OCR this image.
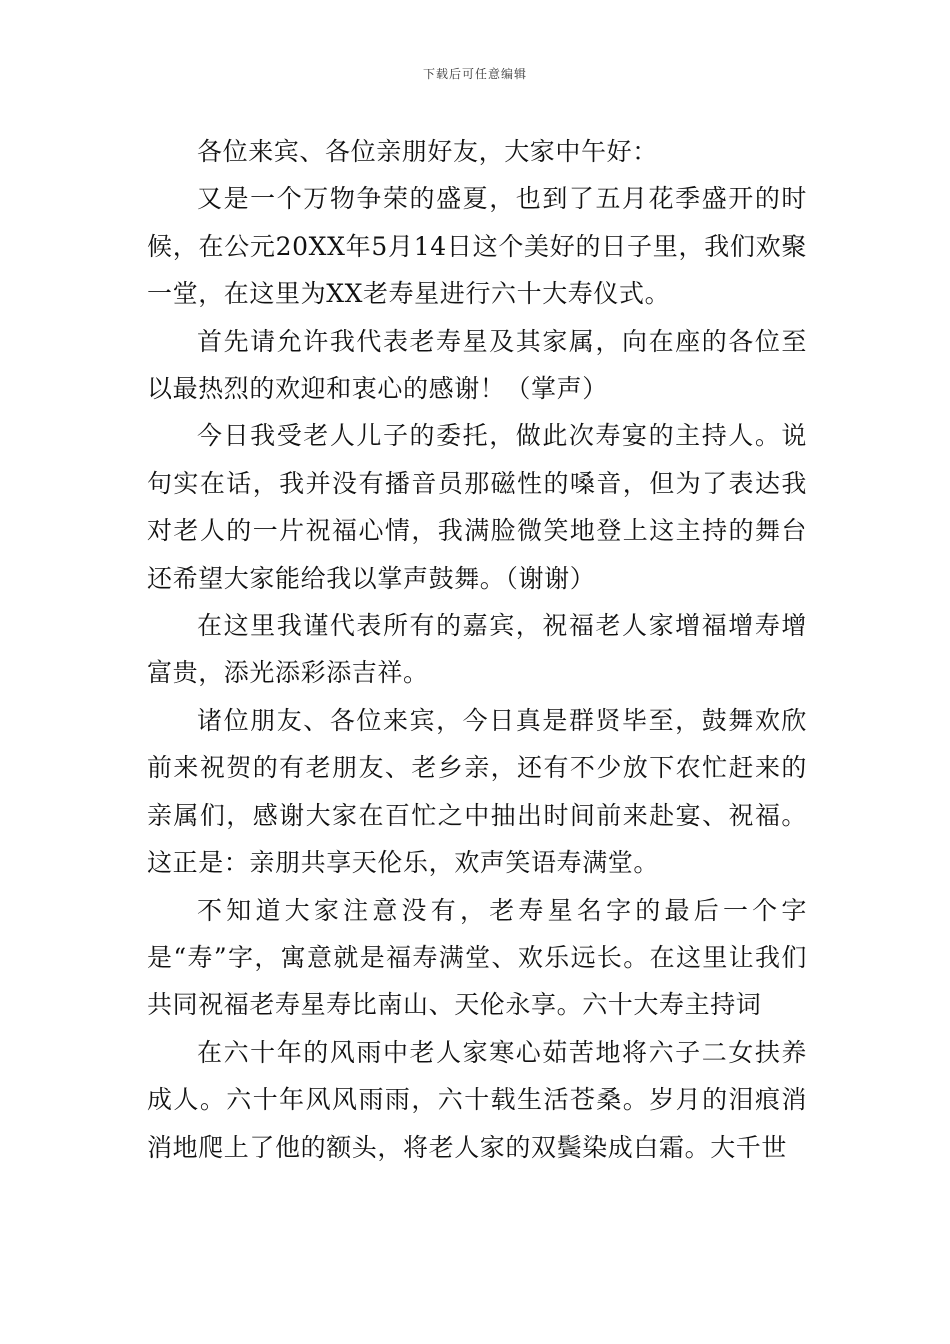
下载后可任意编辑

各位来宾、各位亲朋好友，大家中午好：

又是一个万物争荣的盛夏，也到了五月花季盛开的时候，在公元20XX年5月14日这个美好的日子里，我们欢聚一堂，在这里为XX老寿星进行六十大寿仪式。

首先请允许我代表老寿星及其家属，向在座的各位至以最热烈的欢迎和衷心的感谢！（掌声）

今日我受老人儿子的委托，做此次寿宴的主持人。说句实在话，我并没有播音员那磁性的嗓音，但为了表达我对老人的一片祝福心情，我满脸微笑地登上这主持的舞台还希望大家能给我以掌声鼓舞。（谢谢）

在这里我谨代表所有的嘉宾，祝福老人家增福增寿增富贵，添光添彩添吉祥。

诸位朋友、各位来宾，今日真是群贤毕至，鼓舞欢欣前来祝贺的有老朋友、老乡亲，还有不少放下农忙赶来的亲属们，感谢大家在百忙之中抽出时间前来赴宴、祝福。这正是：亲朋共享天伦乐，欢声笑语寿满堂。

不知道大家注意没有，老寿星名字的最后一个字是“寿”字，寓意就是福寿满堂、欢乐远长。在这里让我们共同祝福老寿星寿比南山、天伦永享。六十大寿主持词

在六十年的风雨中老人家寒心茹苦地将六子二女扶养成人。六十年风风雨雨，六十载生活苍桑。岁月的泪痕消消地爬上了他的额头，将老人家的双鬓染成白霜。大千世
